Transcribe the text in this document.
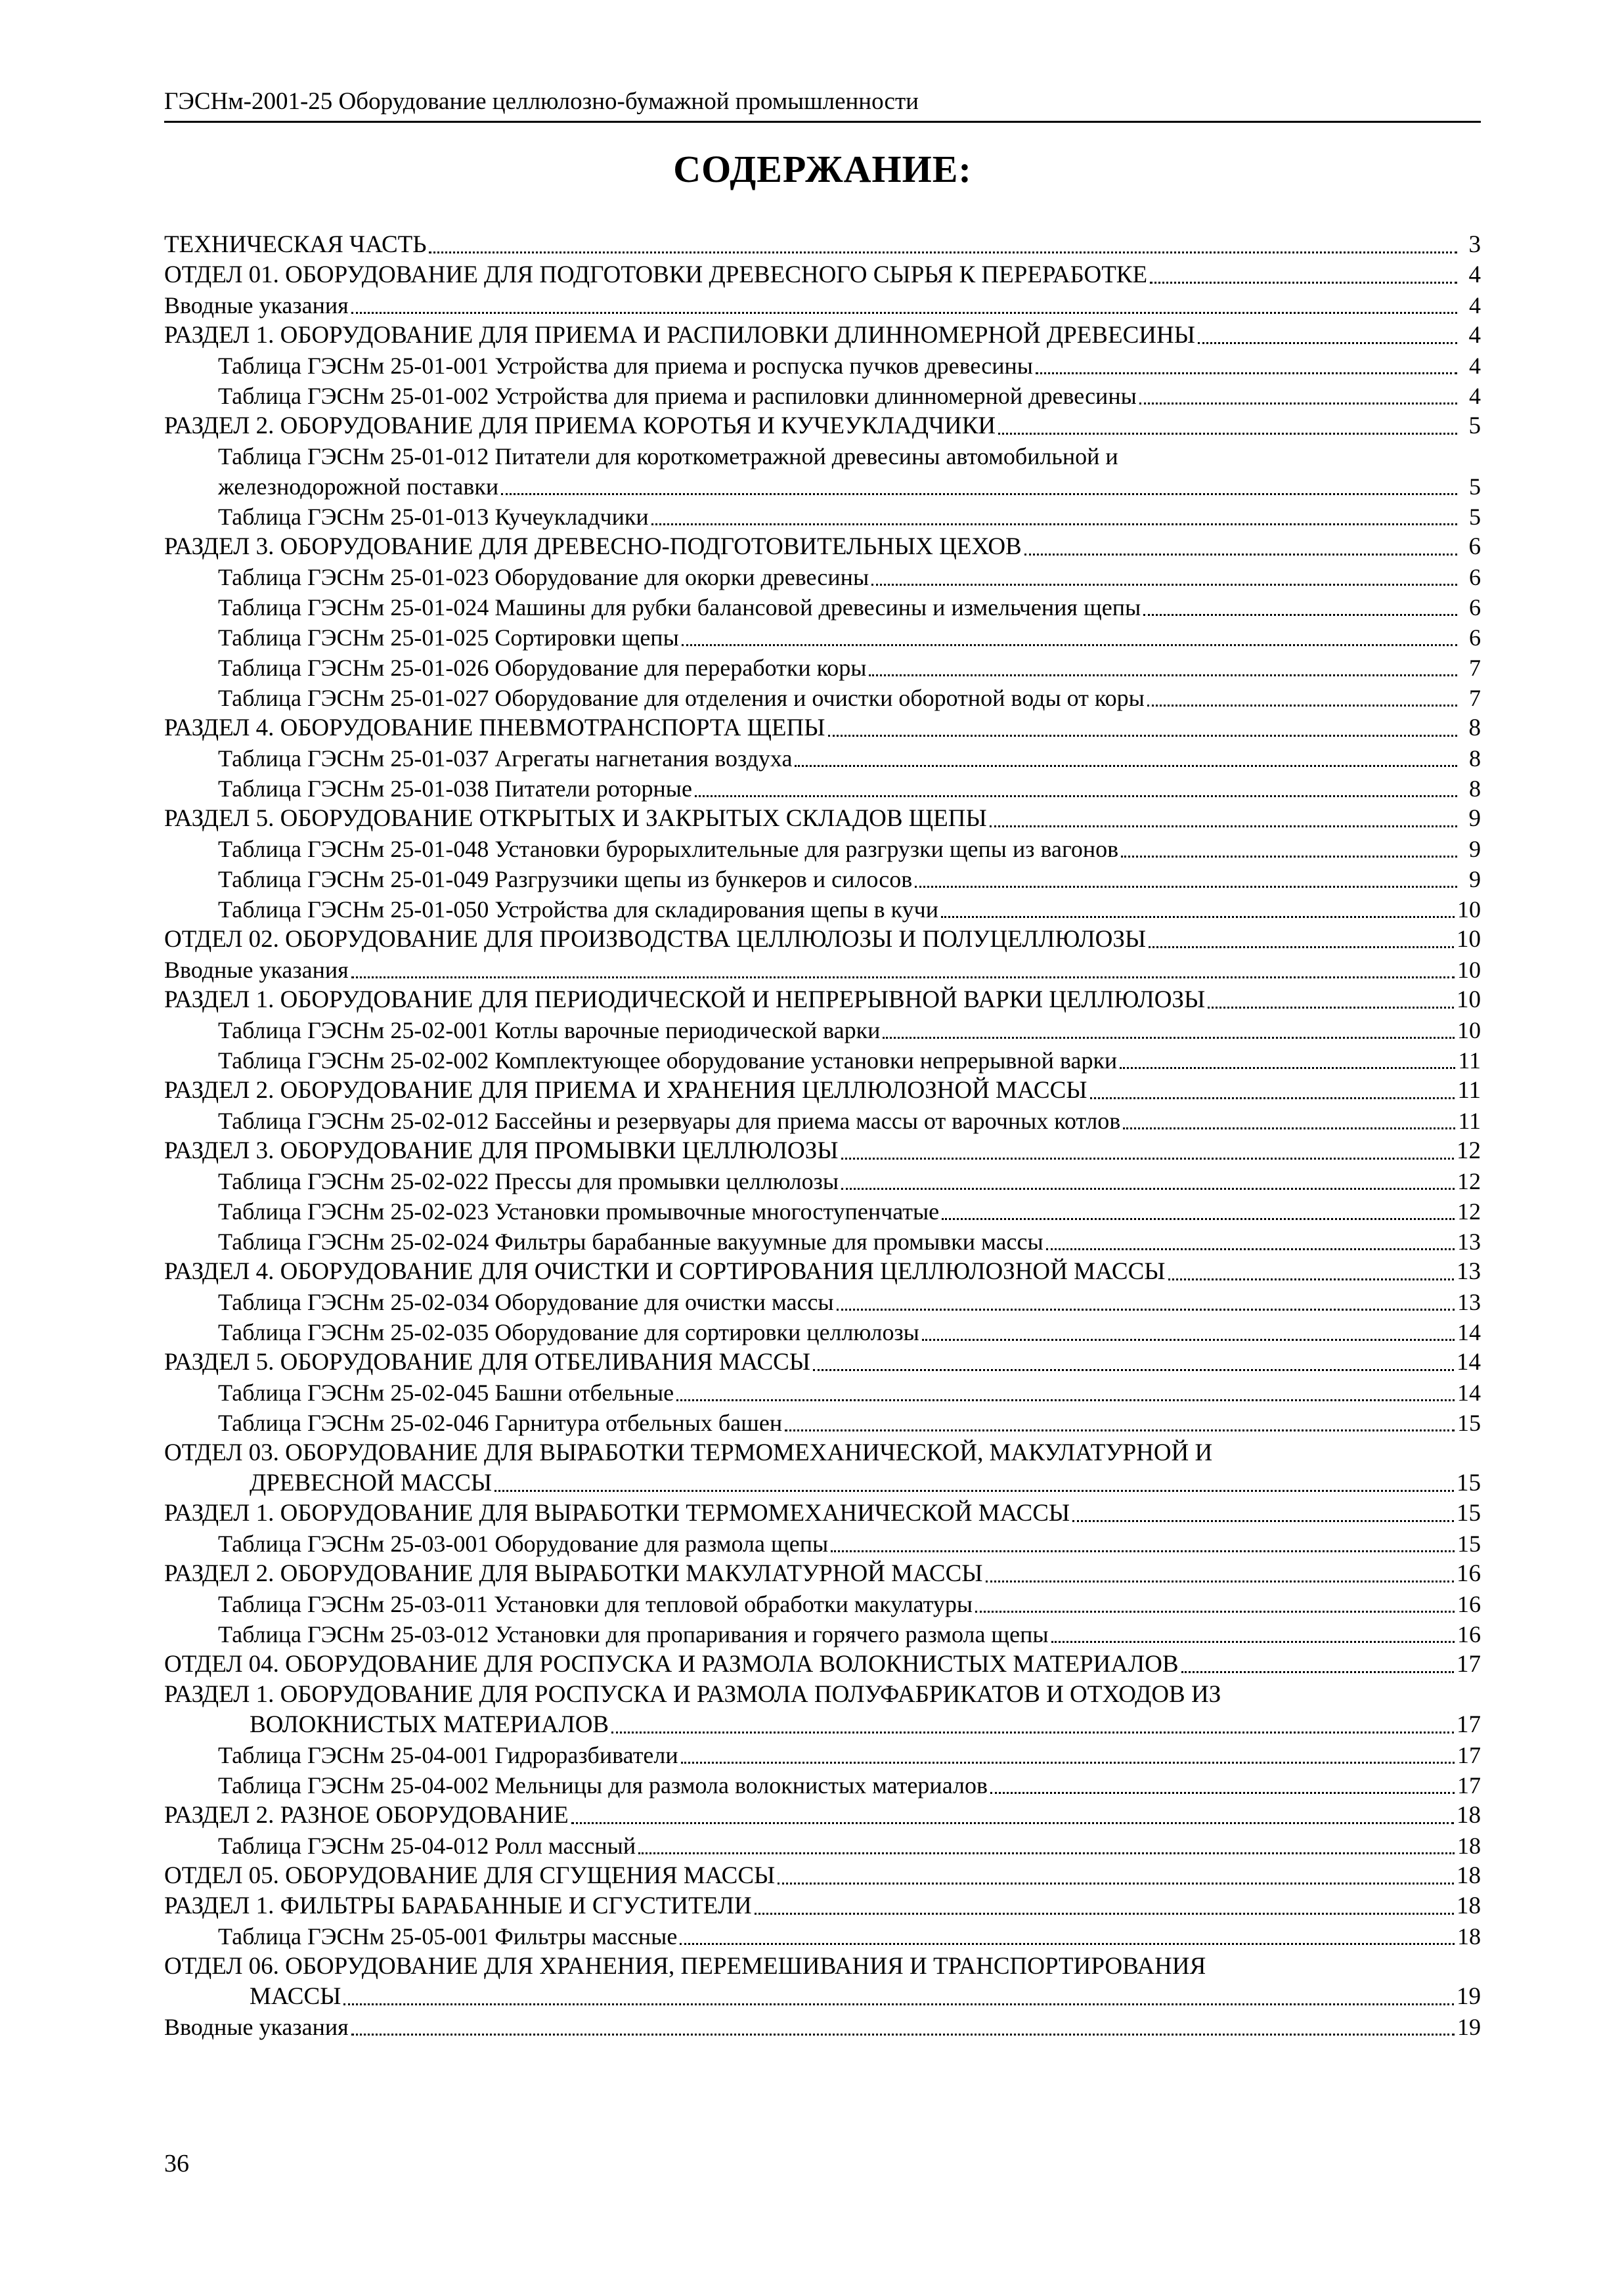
ГЭСНм-2001-25 Оборудование целлюлозно-бумажной промышленности
СОДЕРЖАНИЕ:
ТЕХНИЧЕСКАЯ ЧАСТЬ	3
ОТДЕЛ 01. ОБОРУДОВАНИЕ ДЛЯ ПОДГОТОВКИ ДРЕВЕСНОГО СЫРЬЯ К ПЕРЕРАБОТКЕ	4
Вводные указания	4
РАЗДЕЛ 1. ОБОРУДОВАНИЕ ДЛЯ ПРИЕМА И РАСПИЛОВКИ ДЛИННОМЕРНОЙ ДРЕВЕСИНЫ	4
Таблица ГЭСНм 25-01-001 Устройства для приема и роспуска пучков древесины	4
Таблица ГЭСНм 25-01-002 Устройства для приема и распиловки длинномерной древесины	4
РАЗДЕЛ 2. ОБОРУДОВАНИЕ ДЛЯ ПРИЕМА КОРОТЬЯ И КУЧЕУКЛАДЧИКИ	5
Таблица ГЭСНм 25-01-012 Питатели для короткометражной древесины автомобильной и
железнодорожной поставки	5
Таблица ГЭСНм 25-01-013 Кучеукладчики	5
РАЗДЕЛ 3. ОБОРУДОВАНИЕ ДЛЯ ДРЕВЕСНО-ПОДГОТОВИТЕЛЬНЫХ ЦЕХОВ	6
Таблица ГЭСНм 25-01-023 Оборудование для окорки древесины	6
Таблица ГЭСНм 25-01-024 Машины для рубки балансовой древесины и измельчения щепы	6
Таблица ГЭСНм 25-01-025 Сортировки щепы	6
Таблица ГЭСНм 25-01-026 Оборудование для переработки коры	7
Таблица ГЭСНм 25-01-027 Оборудование для отделения и очистки оборотной воды от коры	7
РАЗДЕЛ 4. ОБОРУДОВАНИЕ ПНЕВМОТРАНСПОРТА ЩЕПЫ	8
Таблица ГЭСНм 25-01-037 Агрегаты нагнетания воздуха	8
Таблица ГЭСНм 25-01-038 Питатели роторные	8
РАЗДЕЛ 5. ОБОРУДОВАНИЕ ОТКРЫТЫХ И ЗАКРЫТЫХ СКЛАДОВ ЩЕПЫ	9
Таблица ГЭСНм 25-01-048 Установки бурорыхлительные для разгрузки щепы из вагонов	9
Таблица ГЭСНм 25-01-049 Разгрузчики щепы из бункеров и силосов	9
Таблица ГЭСНм 25-01-050 Устройства для складирования щепы в кучи	10
ОТДЕЛ 02. ОБОРУДОВАНИЕ ДЛЯ ПРОИЗВОДСТВА ЦЕЛЛЮЛОЗЫ И ПОЛУЦЕЛЛЮЛОЗЫ	10
Вводные указания	10
РАЗДЕЛ 1. ОБОРУДОВАНИЕ ДЛЯ ПЕРИОДИЧЕСКОЙ И НЕПРЕРЫВНОЙ ВАРКИ ЦЕЛЛЮЛОЗЫ	10
Таблица ГЭСНм 25-02-001 Котлы варочные периодической варки	10
Таблица ГЭСНм 25-02-002 Комплектующее оборудование установки непрерывной варки	11
РАЗДЕЛ 2. ОБОРУДОВАНИЕ ДЛЯ ПРИЕМА И ХРАНЕНИЯ ЦЕЛЛЮЛОЗНОЙ МАССЫ	11
Таблица ГЭСНм 25-02-012 Бассейны и резервуары для приема массы от варочных котлов	11
РАЗДЕЛ 3. ОБОРУДОВАНИЕ ДЛЯ ПРОМЫВКИ ЦЕЛЛЮЛОЗЫ	12
Таблица ГЭСНм 25-02-022 Прессы для промывки целлюлозы	12
Таблица ГЭСНм 25-02-023 Установки промывочные многоступенчатые	12
Таблица ГЭСНм 25-02-024 Фильтры барабанные вакуумные для промывки массы	13
РАЗДЕЛ 4. ОБОРУДОВАНИЕ ДЛЯ ОЧИСТКИ И СОРТИРОВАНИЯ ЦЕЛЛЮЛОЗНОЙ МАССЫ	13
Таблица ГЭСНм 25-02-034 Оборудование для очистки массы	13
Таблица ГЭСНм 25-02-035 Оборудование для сортировки целлюлозы	14
РАЗДЕЛ 5. ОБОРУДОВАНИЕ ДЛЯ ОТБЕЛИВАНИЯ МАССЫ	14
Таблица ГЭСНм 25-02-045 Башни отбельные	14
Таблица ГЭСНм 25-02-046 Гарнитура отбельных башен	15
ОТДЕЛ 03. ОБОРУДОВАНИЕ ДЛЯ ВЫРАБОТКИ ТЕРМОМЕХАНИЧЕСКОЙ, МАКУЛАТУРНОЙ И
ДРЕВЕСНОЙ МАССЫ	15
РАЗДЕЛ 1. ОБОРУДОВАНИЕ ДЛЯ ВЫРАБОТКИ ТЕРМОМЕХАНИЧЕСКОЙ МАССЫ	15
Таблица ГЭСНм 25-03-001 Оборудование для размола щепы	15
РАЗДЕЛ 2. ОБОРУДОВАНИЕ ДЛЯ ВЫРАБОТКИ МАКУЛАТУРНОЙ МАССЫ	16
Таблица ГЭСНм 25-03-011 Установки для тепловой обработки макулатуры	16
Таблица ГЭСНм 25-03-012 Установки для пропаривания и горячего размола щепы	16
ОТДЕЛ 04. ОБОРУДОВАНИЕ ДЛЯ РОСПУСКА И РАЗМОЛА ВОЛОКНИСТЫХ МАТЕРИАЛОВ	17
РАЗДЕЛ 1. ОБОРУДОВАНИЕ ДЛЯ РОСПУСКА И РАЗМОЛА ПОЛУФАБРИКАТОВ И ОТХОДОВ ИЗ
ВОЛОКНИСТЫХ МАТЕРИАЛОВ	17
Таблица ГЭСНм 25-04-001 Гидроразбиватели	17
Таблица ГЭСНм 25-04-002 Мельницы для размола волокнистых материалов	17
РАЗДЕЛ 2. РАЗНОЕ ОБОРУДОВАНИЕ	18
Таблица ГЭСНм 25-04-012 Ролл массный	18
ОТДЕЛ 05. ОБОРУДОВАНИЕ ДЛЯ СГУЩЕНИЯ МАССЫ	18
РАЗДЕЛ 1. ФИЛЬТРЫ БАРАБАННЫЕ И СГУСТИТЕЛИ	18
Таблица ГЭСНм 25-05-001 Фильтры массные	18
ОТДЕЛ 06. ОБОРУДОВАНИЕ ДЛЯ ХРАНЕНИЯ, ПЕРЕМЕШИВАНИЯ И ТРАНСПОРТИРОВАНИЯ
МАССЫ	19
Вводные указания	19
36
